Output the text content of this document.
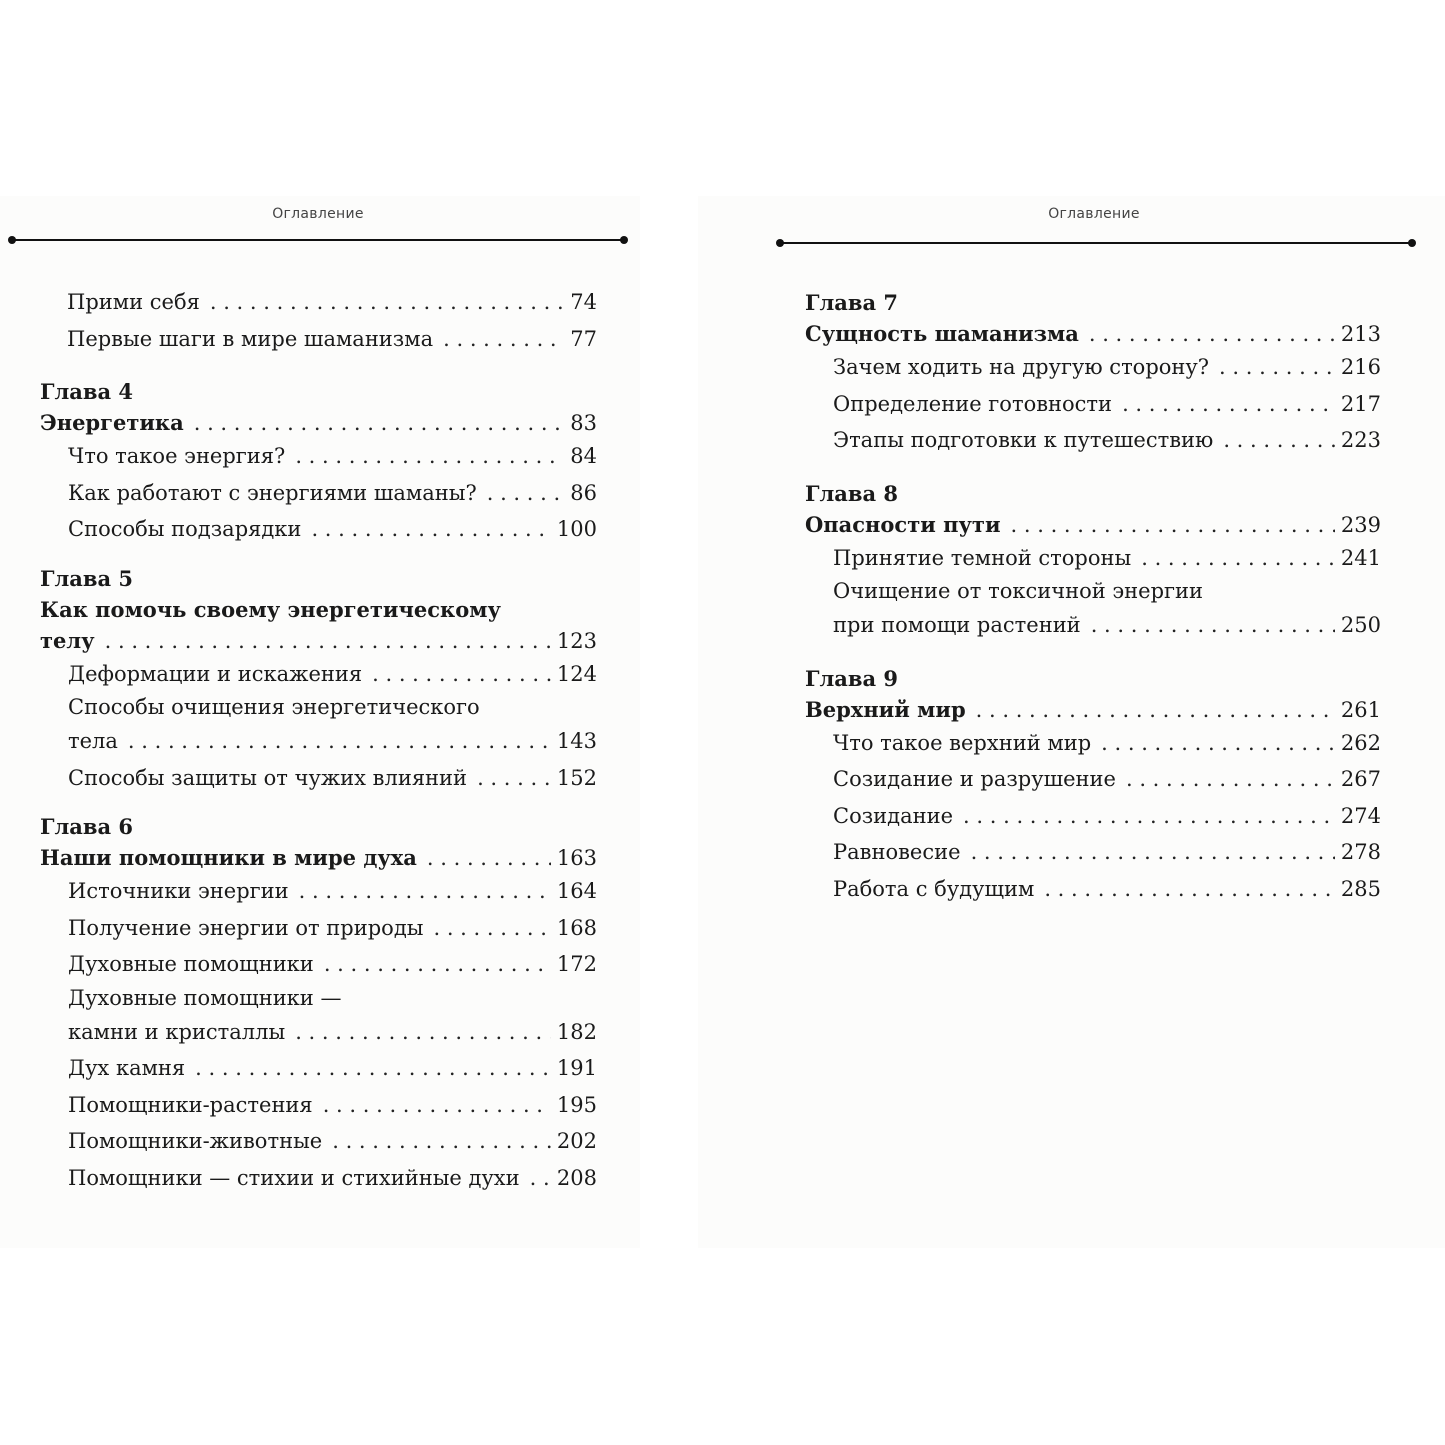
Оглавление
Прими себя . . .	74
Первые шаги в мире шаманизма . . .	77
Глава 4
Энергетика . . .	83
Что такое энергия? . . .	84
Как работают с энергиями шаманы? . . .	86
Способы подзарядки . . .	100
Глава 5
Как помочь своему энергетическому
телу . . .	123
Деформации и искажения . . .	124
Способы очищения энергетического
тела . . .	143
Способы защиты от чужих влияний . . .	152
Глава 6
Наши помощники в мире духа . . .	163
Источники энергии . . .	164
Получение энергии от природы . . .	168
Духовные помощники . . .	172
Духовные помощники —
камни и кристаллы . . .	182
Дух камня . . .	191
Помощники-растения . . .	195
Помощники-животные . . .	202
Помощники — стихии и стихийные духи . . . 208
Оглавление
Глава 7
Сущность шаманизма . . .	213
Зачем ходить на другую сторону? . . .	216
Определение готовности . . .	217
Этапы подготовки к путешествию . . .	223
Глава 8
Опасности пути . . .	239
Принятие темной стороны . . .	241
Очищение от токсичной энергии
при помощи растений . . .	250
Глава 9
Верхний мир . . .	261
Что такое верхний мир . . .	262
Созидание и разрушение . . .	267
Созидание . . .	274
Равновесие . . .	278
Работа с будущим . . .	285
